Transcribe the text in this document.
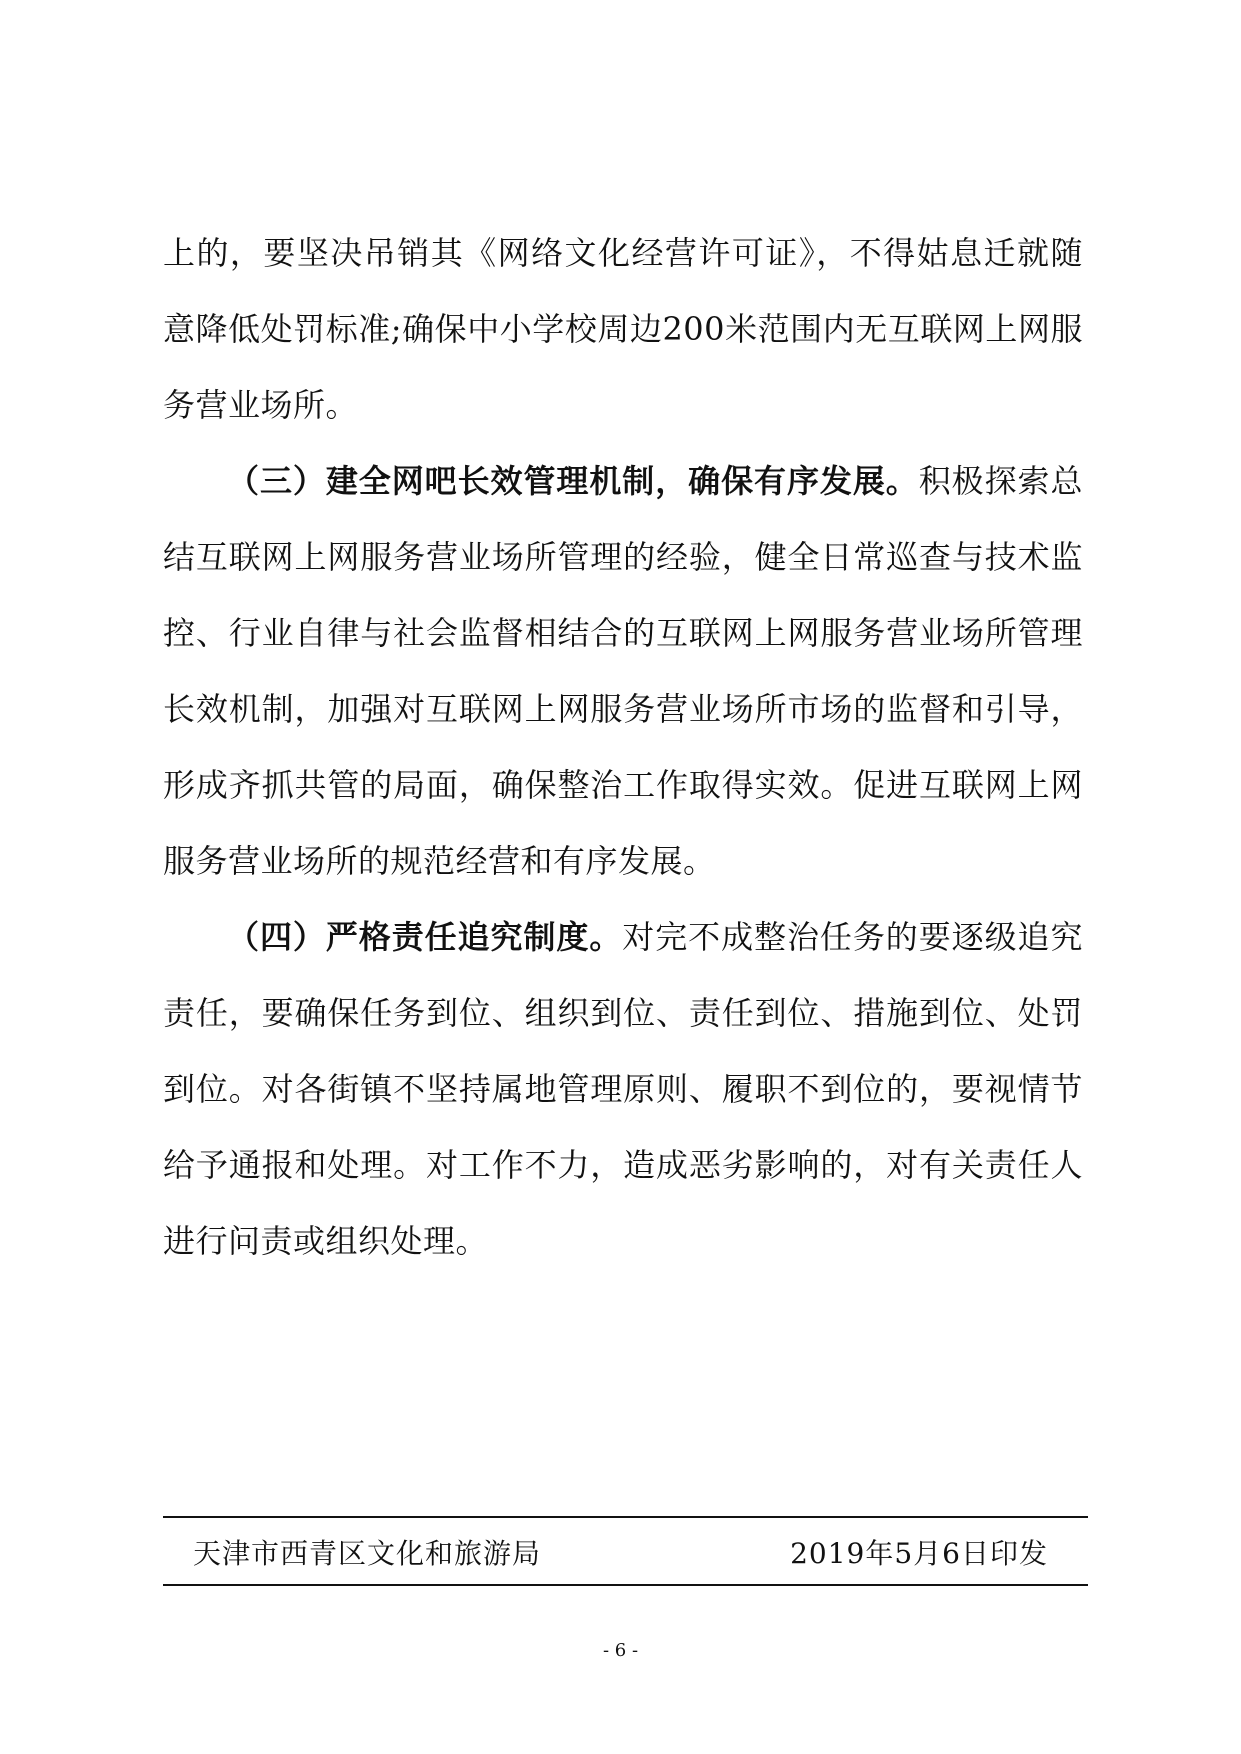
上的，要坚决吊销其《网络文化经营许可证》，不得姑息迁就随意降低处罚标准;确保中小学校周边200米范围内无互联网上网服务营业场所。

（三）建全网吧长效管理机制，确保有序发展。积极探索总结互联网上网服务营业场所管理的经验，健全日常巡查与技术监控、行业自律与社会监督相结合的互联网上网服务营业场所管理长效机制，加强对互联网上网服务营业场所市场的监督和引导，形成齐抓共管的局面，确保整治工作取得实效。促进互联网上网服务营业场所的规范经营和有序发展。

（四）严格责任追究制度。对完不成整治任务的要逐级追究责任，要确保任务到位、组织到位、责任到位、措施到位、处罚到位。对各街镇不坚持属地管理原则、履职不到位的，要视情节给予通报和处理。对工作不力，造成恶劣影响的，对有关责任人进行问责或组织处理。

天津市西青区文化和旅游局	2019年5月6日印发
- 6 -
